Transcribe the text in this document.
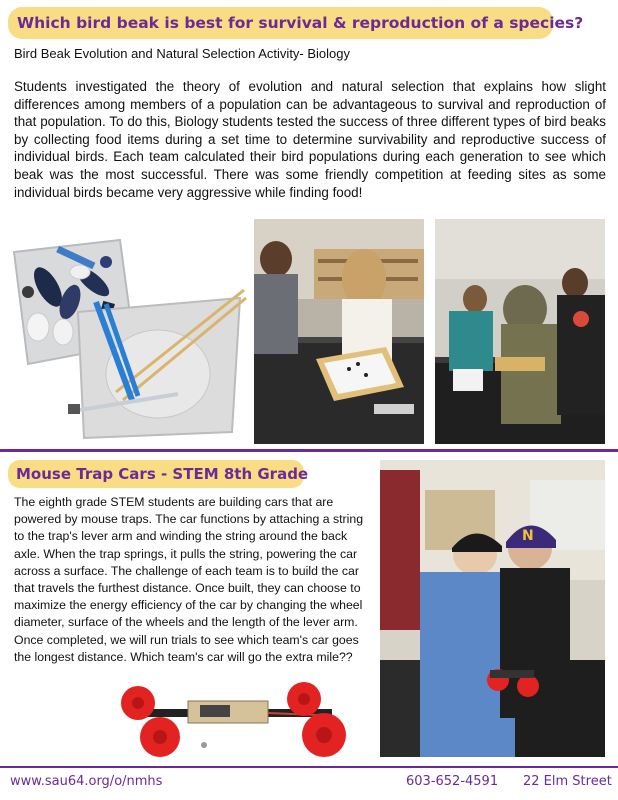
Which bird beak is best for survival & reproduction of a species?
Bird Beak Evolution and Natural Selection Activity- Biology

Students investigated the theory of evolution and natural selection that explains how slight differences among members of a population can be advantageous to survival and reproduction of that population. To do this, Biology students tested the success of three different types of bird beaks by collecting food items during a set time to determine survivability and reproductive success of individual birds. Each team calculated their bird populations during each generation to see which beak was the most successful. There was some friendly competition at feeding sites as some individual birds became very aggressive while finding food!

Mouse Trap Cars - STEM 8th Grade

The eighth grade STEM students are building cars that are powered by mouse traps. The car functions by attaching a string to the trap's lever arm and winding the string around the back axle. When the trap springs, it pulls the string, powering the car across a surface. The challenge of each team is to build the car that travels the furthest distance. Once built, they can choose to maximize the energy efficiency of the car by changing the wheel diameter, surface of the wheels and the length of the lever arm. Once completed, we will run trials to see which team's car goes the longest distance. Which team's car will go the extra mile??

N
www.sau64.org/o/nmhs	603-652-4591 22 Elm Street
